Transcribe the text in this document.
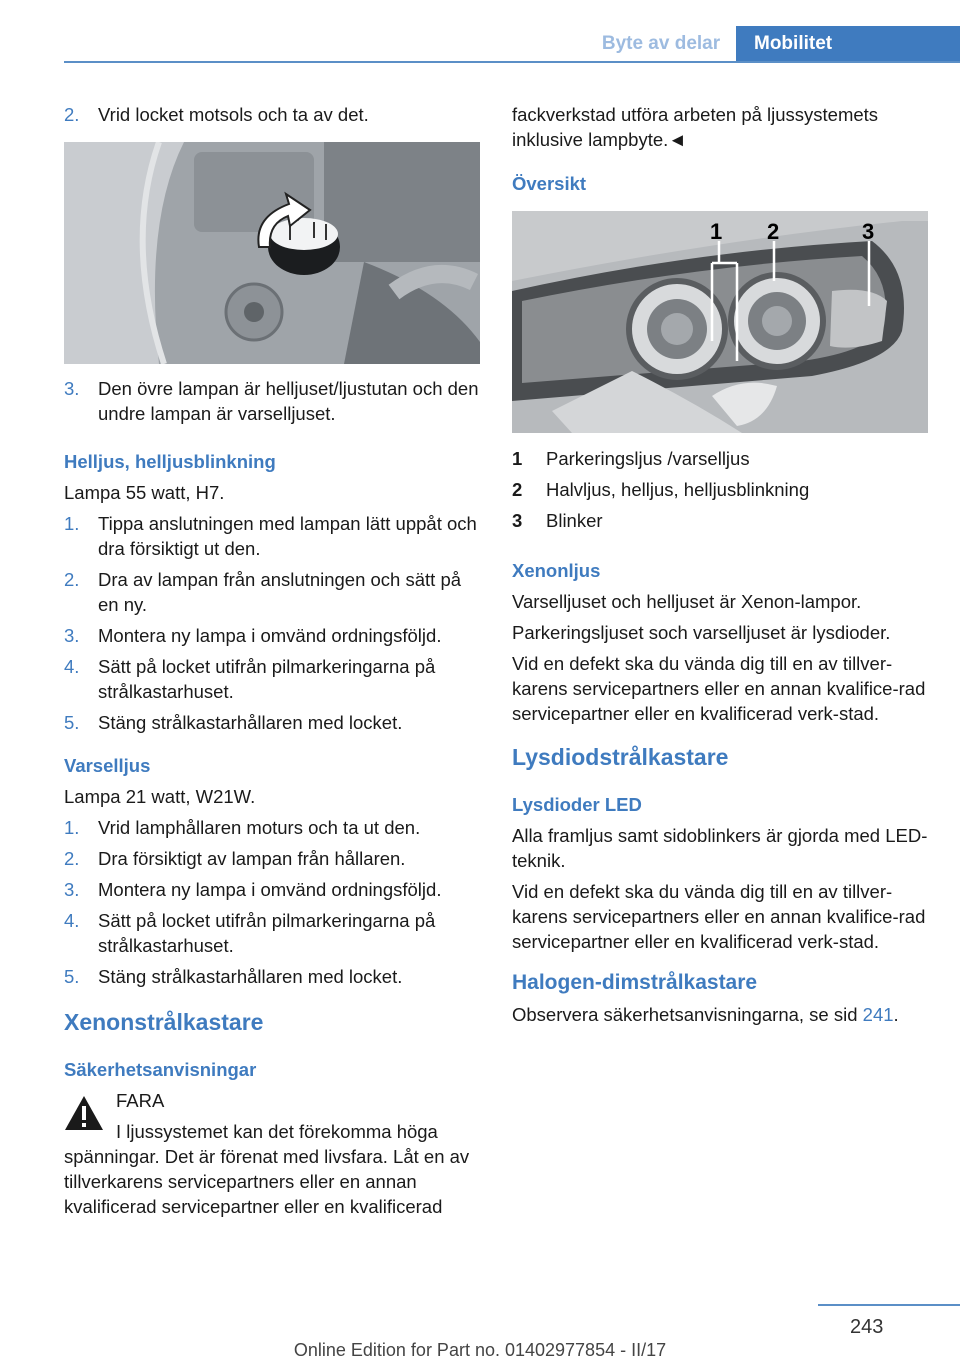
Byte av delar	Mobilitet
2.	Vrid locket motsols och ta av det.
3.	Den övre lampan är helljuset/ljustutan och den undre lampan är varselljuset.
Helljus, helljusblinkning

Lampa 55 watt, H7.

1.	Tippa anslutningen med lampan lätt uppåt och dra försiktigt ut den.
2.	Dra av lampan från anslutningen och sätt på en ny.
3.	Montera ny lampa i omvänd ordningsföljd.
4.	Sätt på locket utifrån pilmarkeringarna på strålkastarhuset.
5.	Stäng strålkastarhållaren med locket.
Varselljus

Lampa 21 watt, W21W.

1.	Vrid lamphållaren moturs och ta ut den.
2.	Dra försiktigt av lampan från hållaren.
3.	Montera ny lampa i omvänd ordningsföljd.
4.	Sätt på locket utifrån pilmarkeringarna på strålkastarhuset.
5.	Stäng strålkastarhållaren med locket.
Xenonstrålkastare
Säkerhetsanvisningar
FARA
I ljussystemet kan det förekomma höga

spänningar. Det är förenat med livsfara. Låt en av tillverkarens servicepartners eller en annan kvalificerad servicepartner eller en kvalificerad

fackverkstad utföra arbeten på ljussystemets inklusive lampbyte.◄

Översikt
1 2	3
1	Parkeringsljus /varselljus
2	Halvljus, helljus, helljusblinkning
3	Blinker
Xenonljus

Varselljuset och helljuset är Xenon-lampor.

Parkeringsljuset soch varselljuset är lysdioder.

Vid en defekt ska du vända dig till en av tillver-karens servicepartners eller en annan kvalifice-rad servicepartner eller en kvalificerad verk-stad.

Lysdiodstrålkastare
Lysdioder LED

Alla framljus samt sidoblinkers är gjorda med LED-teknik.

Vid en defekt ska du vända dig till en av tillver-karens servicepartners eller en annan kvalifice-rad servicepartner eller en kvalificerad verk-stad.

Halogen-dimstrålkastare

Observera säkerhetsanvisningarna, se sid 241.

243
Online Edition for Part no. 01402977854 - II/17
